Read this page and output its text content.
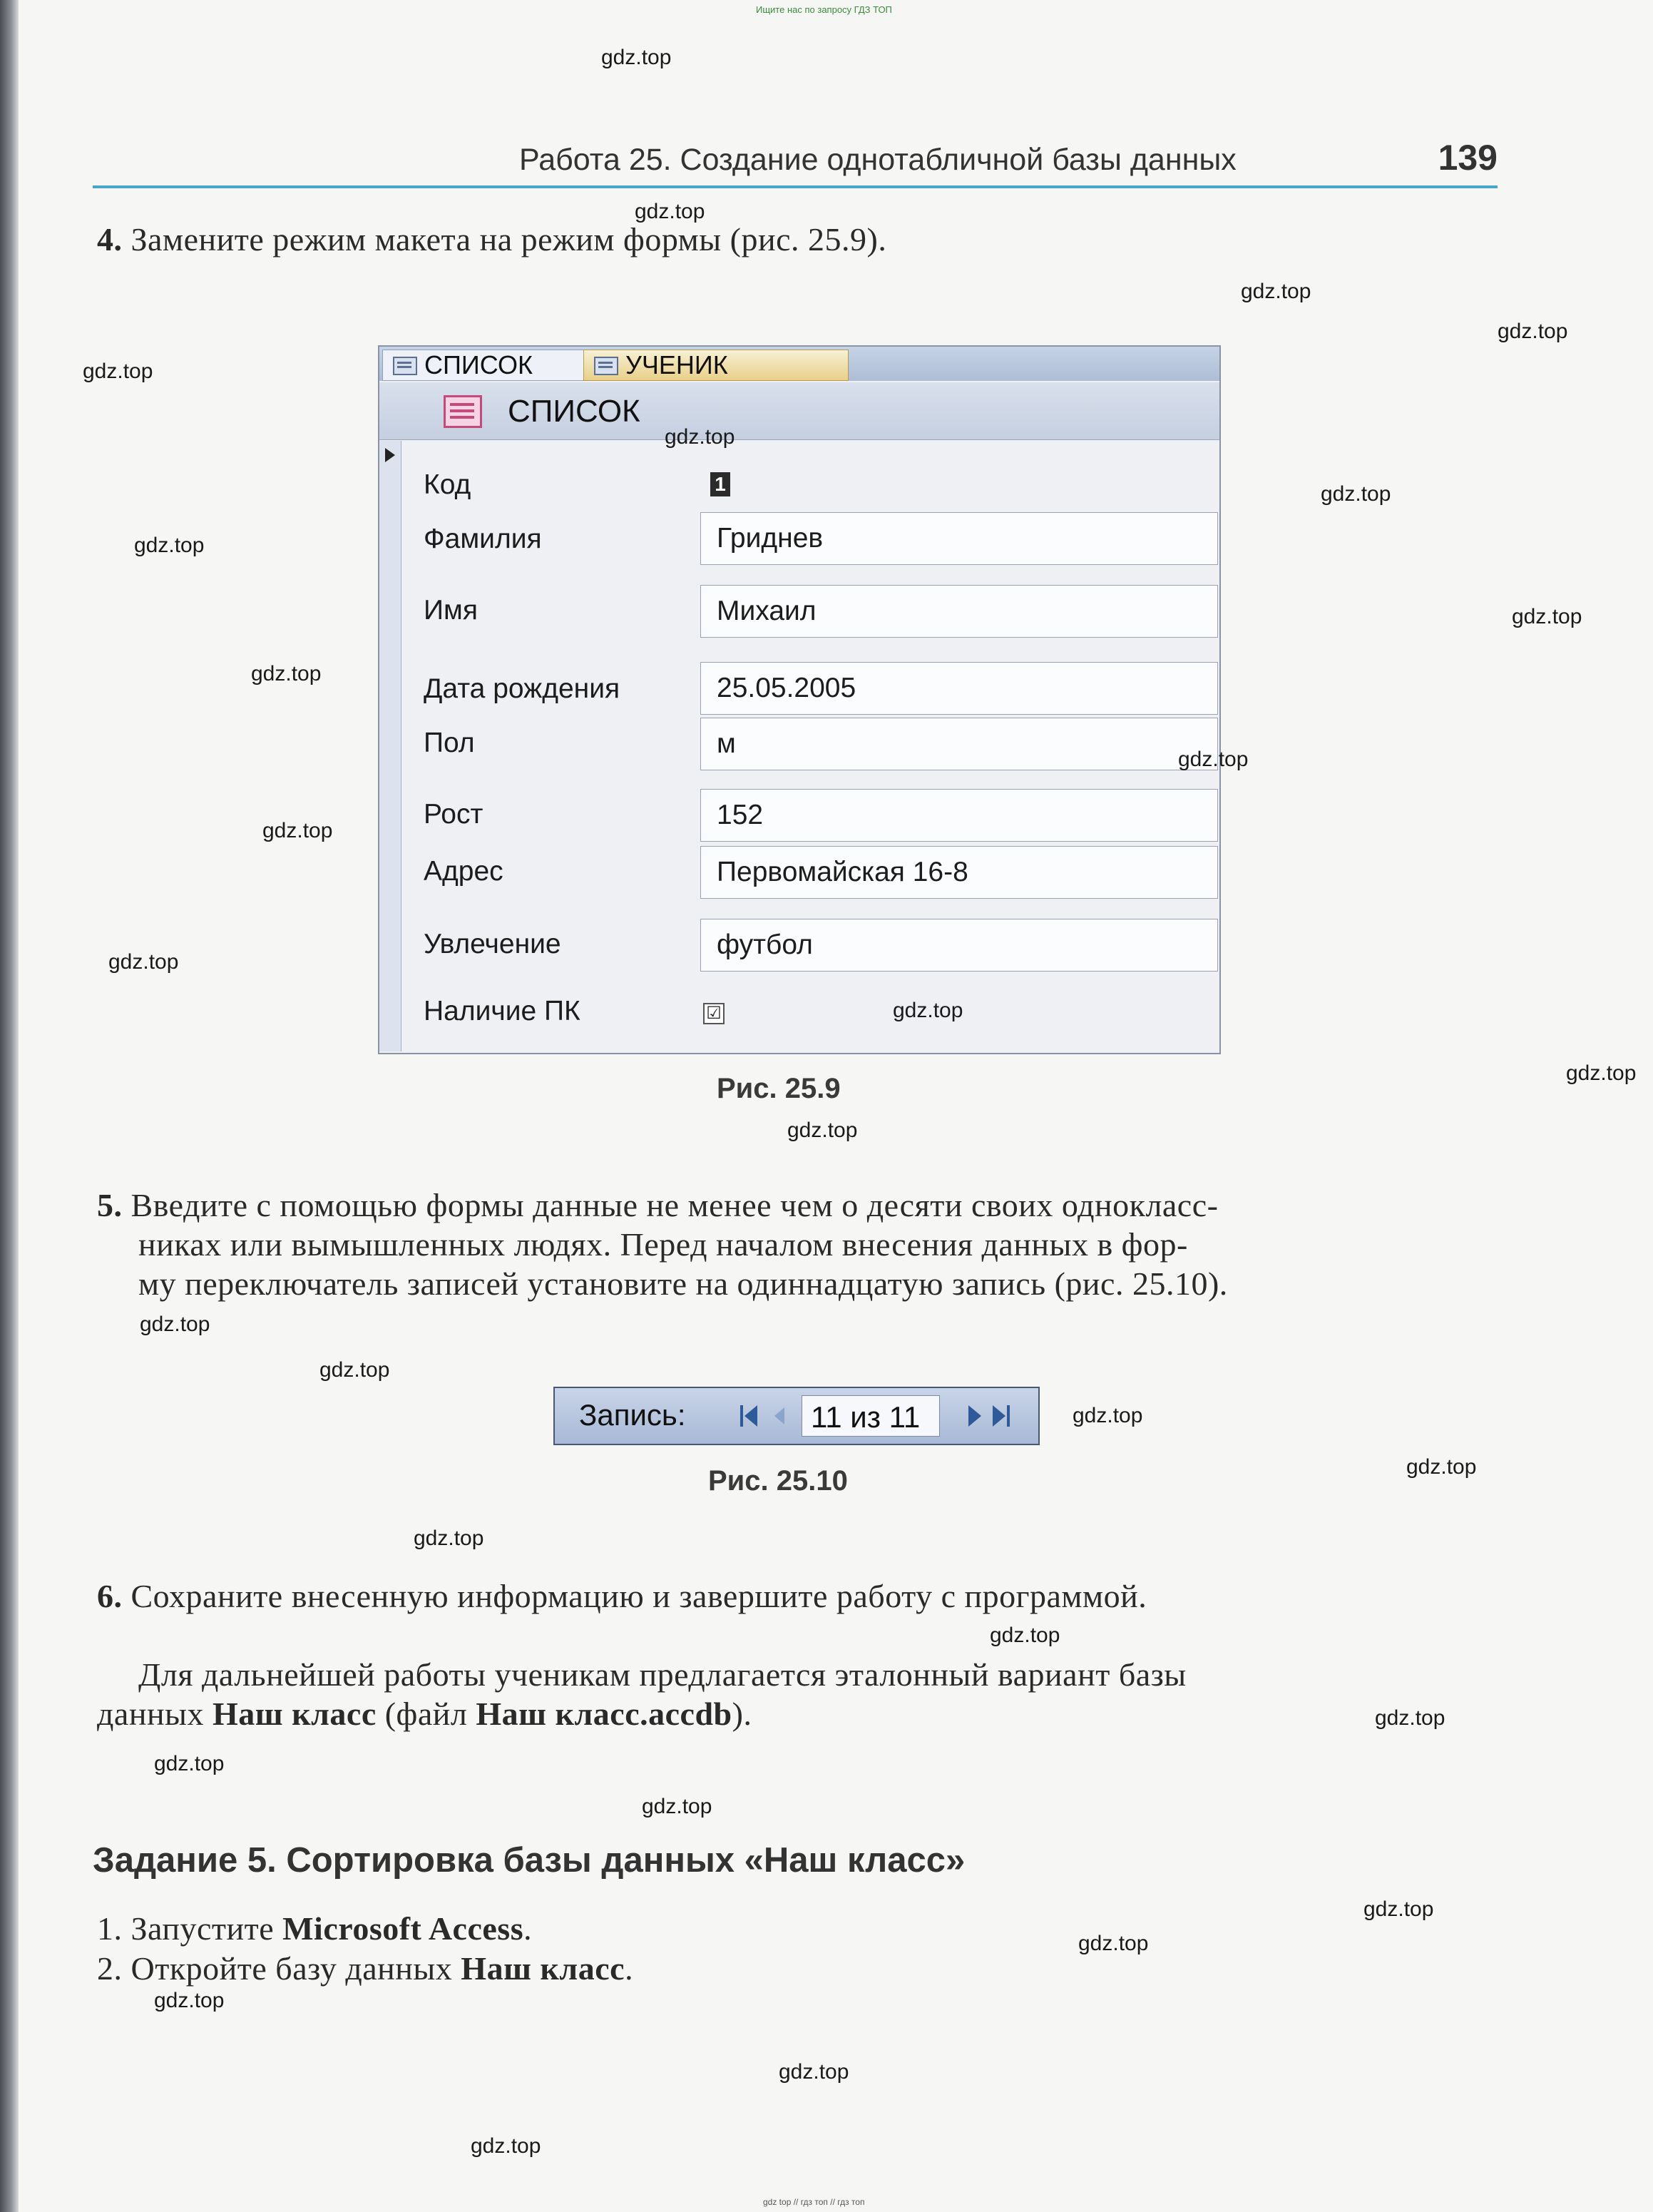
Ищите нас по запросу ГДЗ ТОП
Работа 25. Создание однотабличной базы данных	139
4. Замените режим макета на режим формы (рис. 25.9).
СПИСОК	УЧЕНИК
СПИСОК
Код	1
Фамилия	Гриднев
Имя	Михаил
Дата рождения	25.05.2005
Пол	м
Рост	152
Адрес	Первомайская 16-8
Увлечение	футбол
Наличие ПК	☑
Рис. 25.9
5. Введите с помощью формы данные не менее чем о десяти своих однокласс-
никах или вымышленных людях. Перед началом внесения данных в фор-
му переключатель записей установите на одиннадцатую запись (рис. 25.10).
Запись:	11 из 11
Рис. 25.10
6. Сохраните внесенную информацию и завершите работу с программой.
Для дальнейшей работы ученикам предлагается эталонный вариант базы
данных Наш класс (файл Наш класс.accdb).
Задание 5. Сортировка базы данных «Наш класс»
1. Запустите Microsoft Access.
2. Откройте базу данных Наш класс.
gdz.top
gdz.top
gdz.top
gdz.top
gdz.top
gdz.top
gdz.top
gdz.top
gdz.top
gdz.top
gdz.top
gdz.top
gdz.top
gdz.top
gdz.top
gdz.top
gdz.top
gdz.top
gdz.top
gdz.top
gdz.top
gdz.top
gdz.top
gdz.top
gdz.top
gdz.top
gdz.top
gdz.top
gdz.top
gdz.top
gdz top // гдз топ // гдз топ
